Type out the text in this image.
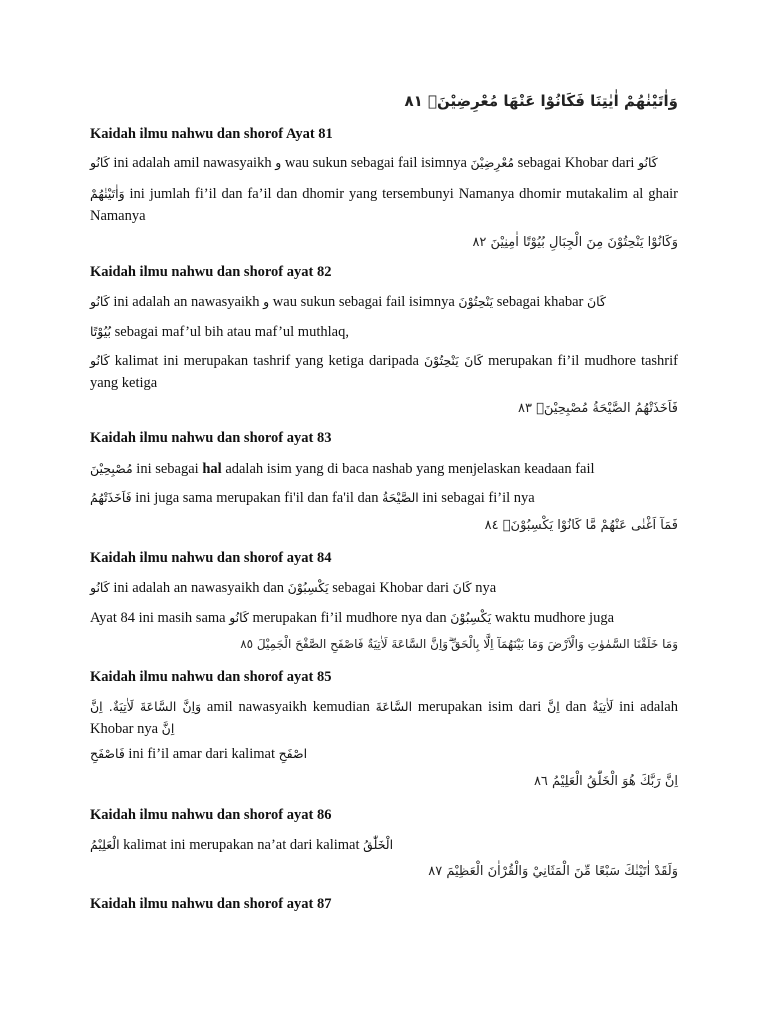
وَاٰتَيْنٰهُمْ اٰيٰتِنَا فَكَانُوْا عَنْهَا مُعْرِضِيْنَۙ ٨١
Kaidah ilmu nahwu dan shorof Ayat 81
كَانُو ini adalah amil nawasyaikh و wau sukun sebagai fail isimnya مُعْرِضِيْنَ sebagai Khobar dari كَانُو
وَاٰتَيْنٰهُمْ ini jumlah fi’il dan fa’il dan dhomir yang tersembunyi Namanya dhomir mutakalim al ghair Namanya
وَكَانُوْا يَنْحِتُوْنَ مِنَ الْجِبَالِ بُيُوْتًا اٰمِنِيْنَ ٨٢
Kaidah ilmu nahwu dan shorof ayat 82
كَانُو ini adalah an nawasyaikh و wau sukun sebagai fail isimnya يَنْحِتُوْنَ sebagai khabar كَانَ
بُيُوْتًا sebagai maf’ul bih atau maf’ul muthlaq,
كَانُو kalimat ini merupakan tashrif yang ketiga daripada كَانَ يَنْحِتُوْنَ merupakan fi’il mudhore tashrif yang ketiga
فَاَخَذَتْهُمُ الصَّيْحَةُ مُصْبِحِيْنَۙ ٨٣
Kaidah ilmu nahwu dan shorof ayat 83
مُصْبِحِيْنَ ini sebagai hal adalah isim yang di baca nashab yang menjelaskan keadaan fail
فَاَخَذَتْهُمُ ini juga sama merupakan fi'il dan fa'il dan الصَّيْحَةُ ini sebagai fi’il nya
فَمَآ اَغْنٰى عَنْهُمْ مَّا كَانُوْا يَكْسِبُوْنَۗ ٨٤
Kaidah ilmu nahwu dan shorof ayat 84
كَانُو ini adalah an nawasyaikh dan يَكْسِبُوْنَ sebagai Khobar dari كَانَ nya
Ayat 84 ini masih sama كَانُو merupakan fi’il mudhore nya dan يَكْسِبُوْنَ waktu mudhore juga
وَمَا خَلَقْنَا السَّمٰوٰتِ وَالْاَرْضَ وَمَا بَيْنَهُمَآ اِلَّا بِالْحَقِّ ۗوَاِنَّ السَّاعَةَ لَاٰتِيَةٌ فَاصْفَحِ الصَّفْحَ الْجَمِيْلَ ٨٥
Kaidah ilmu nahwu dan shorof ayat 85
وَاِنَّ السَّاعَةَ لَاٰتِيَةٌ. اِنَّ amil nawasyaikh kemudian السَّاعَةَ merupakan isim dari اِنَّ dan لَاٰتِيَةٌ ini adalah Khobar nya اِنَّ
فَاصْفَحِ ini fi’il amar dari kalimat اصْفَحِ
اِنَّ رَبَّكَ هُوَ الْخَلّٰقُ الْعَلِيْمُ ٨٦
Kaidah ilmu nahwu dan shorof ayat 86
الْعَلِيْمُ kalimat ini merupakan na’at dari kalimat الْخَلّٰقُ
وَلَقَدْ اٰتَيْنٰكَ سَبْعًا مِّنَ الْمَثَانِيْ وَالْقُرْاٰنَ الْعَظِيْمَ ٨٧
Kaidah ilmu nahwu dan shorof ayat 87
